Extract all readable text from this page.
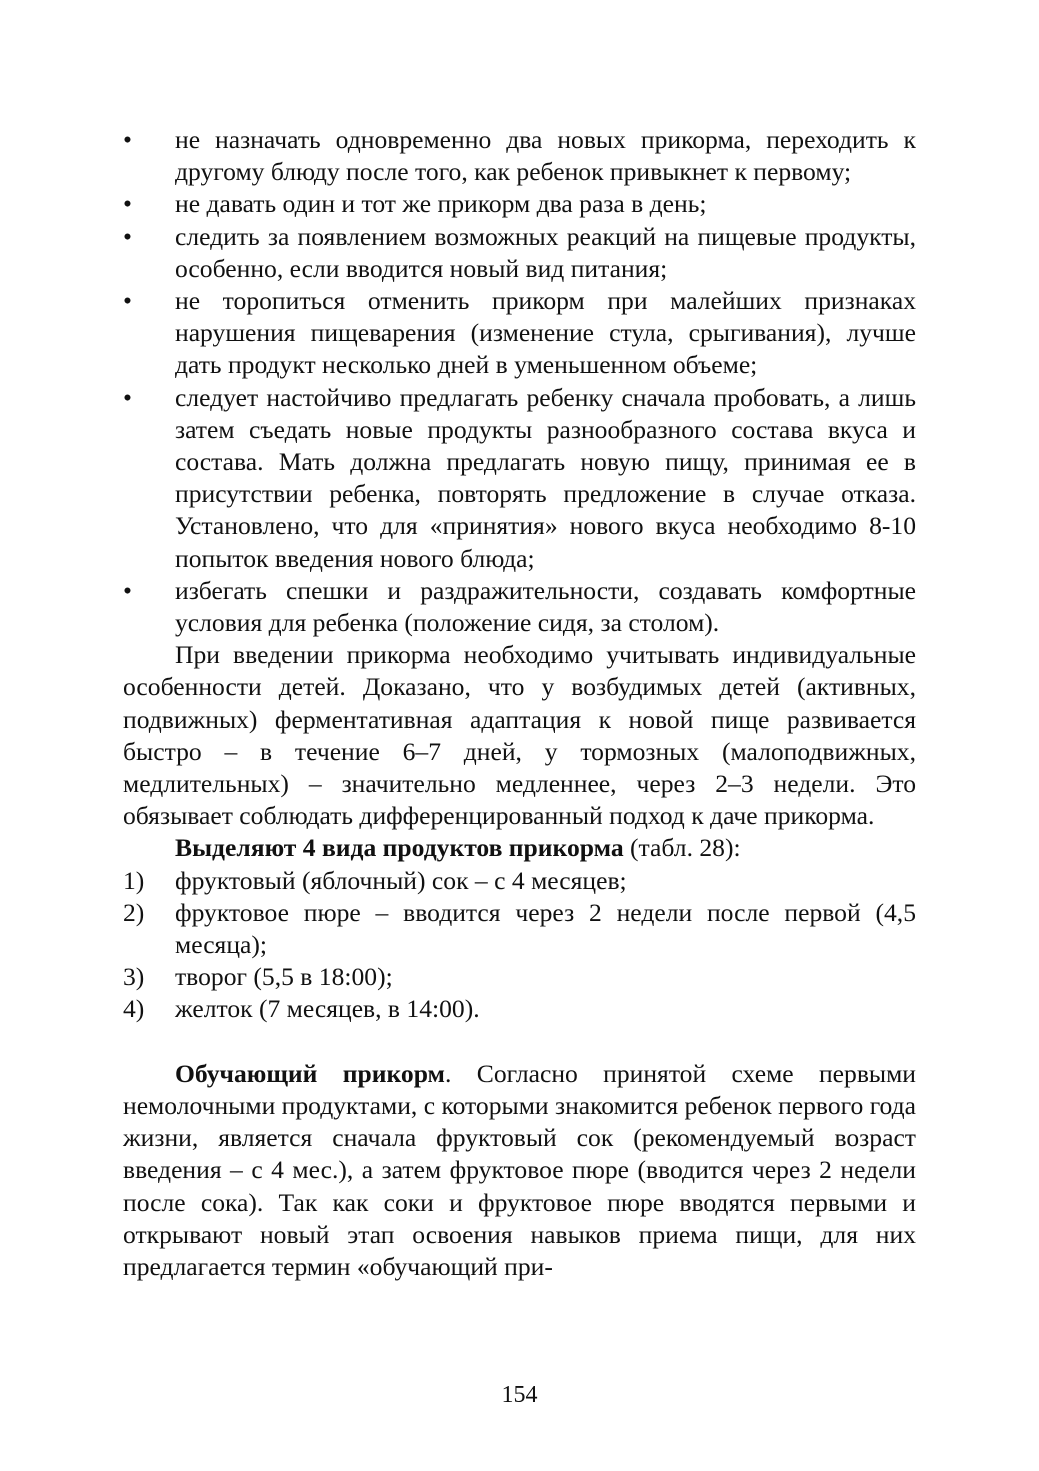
• не назначать одновременно два новых прикорма, переходить к другому блюду после того, как ребенок привыкнет к первому;
• не давать один и тот же прикорм два раза в день;
• следить за появлением возможных реакций на пищевые продукты, особенно, если вводится новый вид питания;
• не торопиться отменить прикорм при малейших признаках нарушения пищеварения (изменение стула, срыгивания), лучше дать продукт несколько дней в уменьшенном объеме;
• следует настойчиво предлагать ребенку сначала пробовать, а лишь затем съедать новые продукты разнообразного состава вкуса и состава. Мать должна предлагать новую пищу, принимая ее в присутствии ребенка, повторять предложение в случае отказа. Установлено, что для «принятия» нового вкуса необходимо 8-10 попыток введения нового блюда;
• избегать спешки и раздражительности, создавать комфортные условия для ребенка (положение сидя, за столом).

При введении прикорма необходимо учитывать индивидуальные особенности детей. Доказано, что у возбудимых детей (активных, подвижных) ферментативная адаптация к новой пище развивается быстро – в течение 6–7 дней, у тормозных (малоподвижных, медлительных) – значительно медленнее, через 2–3 недели. Это обязывает соблюдать дифференцированный подход к даче прикорма.

Выделяют 4 вида продуктов прикорма (табл. 28):

1) фруктовый (яблочный) сок – с 4 месяцев;
2) фруктовое пюре – вводится через 2 недели после первой (4,5 месяца);
3) творог (5,5 в 18:00);
4) желток (7 месяцев, в 14:00).

Обучающий прикорм. Согласно принятой схеме первыми немолочными продуктами, с которыми знакомится ребенок первого года жизни, является сначала фруктовый сок (рекомендуемый возраст введения – с 4 мес.), а затем фруктовое пюре (вводится через 2 недели после сока). Так как соки и фруктовое пюре вводятся первыми и открывают новый этап освоения навыков приема пищи, для них предлагается термин «обучающий при-

154
